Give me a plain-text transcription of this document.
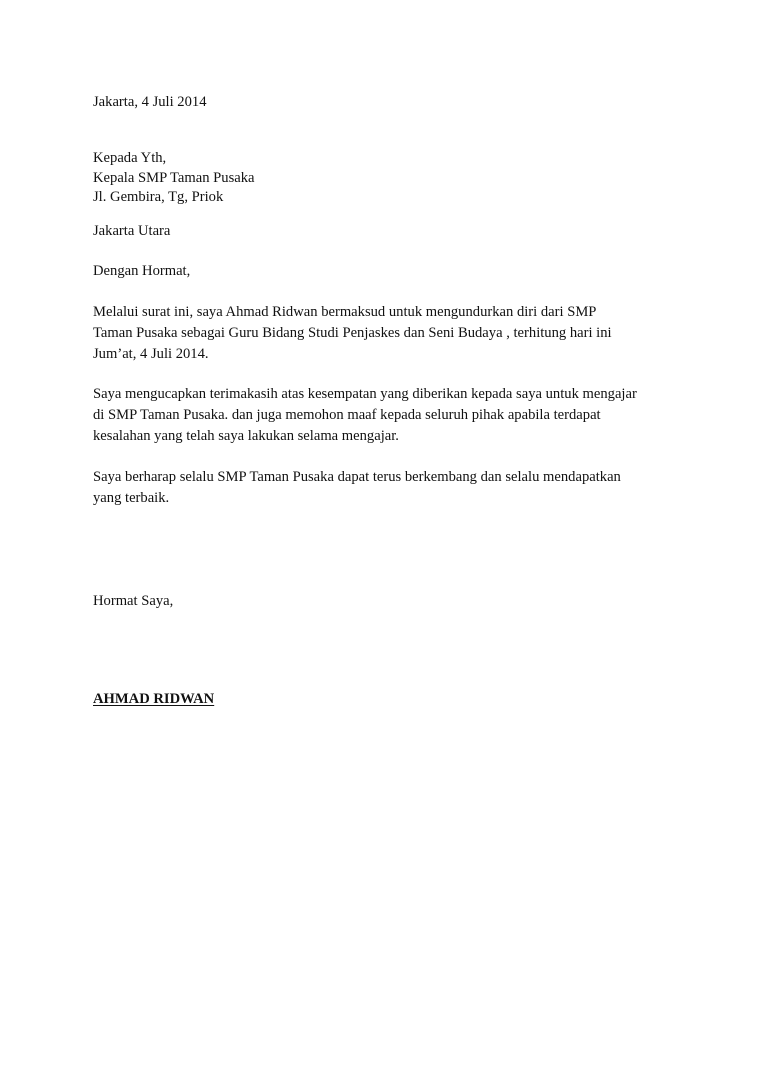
Jakarta, 4 Juli 2014
Kepada Yth,
Kepala SMP Taman Pusaka
Jl. Gembira, Tg, Priok
Jakarta Utara
Dengan Hormat,
Melalui surat ini, saya Ahmad Ridwan bermaksud untuk mengundurkan diri dari SMP
Taman Pusaka sebagai Guru Bidang Studi Penjaskes dan Seni Budaya , terhitung hari ini
Jum’at, 4 Juli 2014.
Saya mengucapkan terimakasih atas kesempatan yang diberikan kepada saya untuk mengajar
di SMP Taman Pusaka. dan juga memohon maaf kepada seluruh pihak apabila terdapat
kesalahan yang telah saya lakukan selama mengajar.
Saya berharap selalu SMP Taman Pusaka dapat terus berkembang dan selalu mendapatkan
yang terbaik.
Hormat Saya,
AHMAD RIDWAN
